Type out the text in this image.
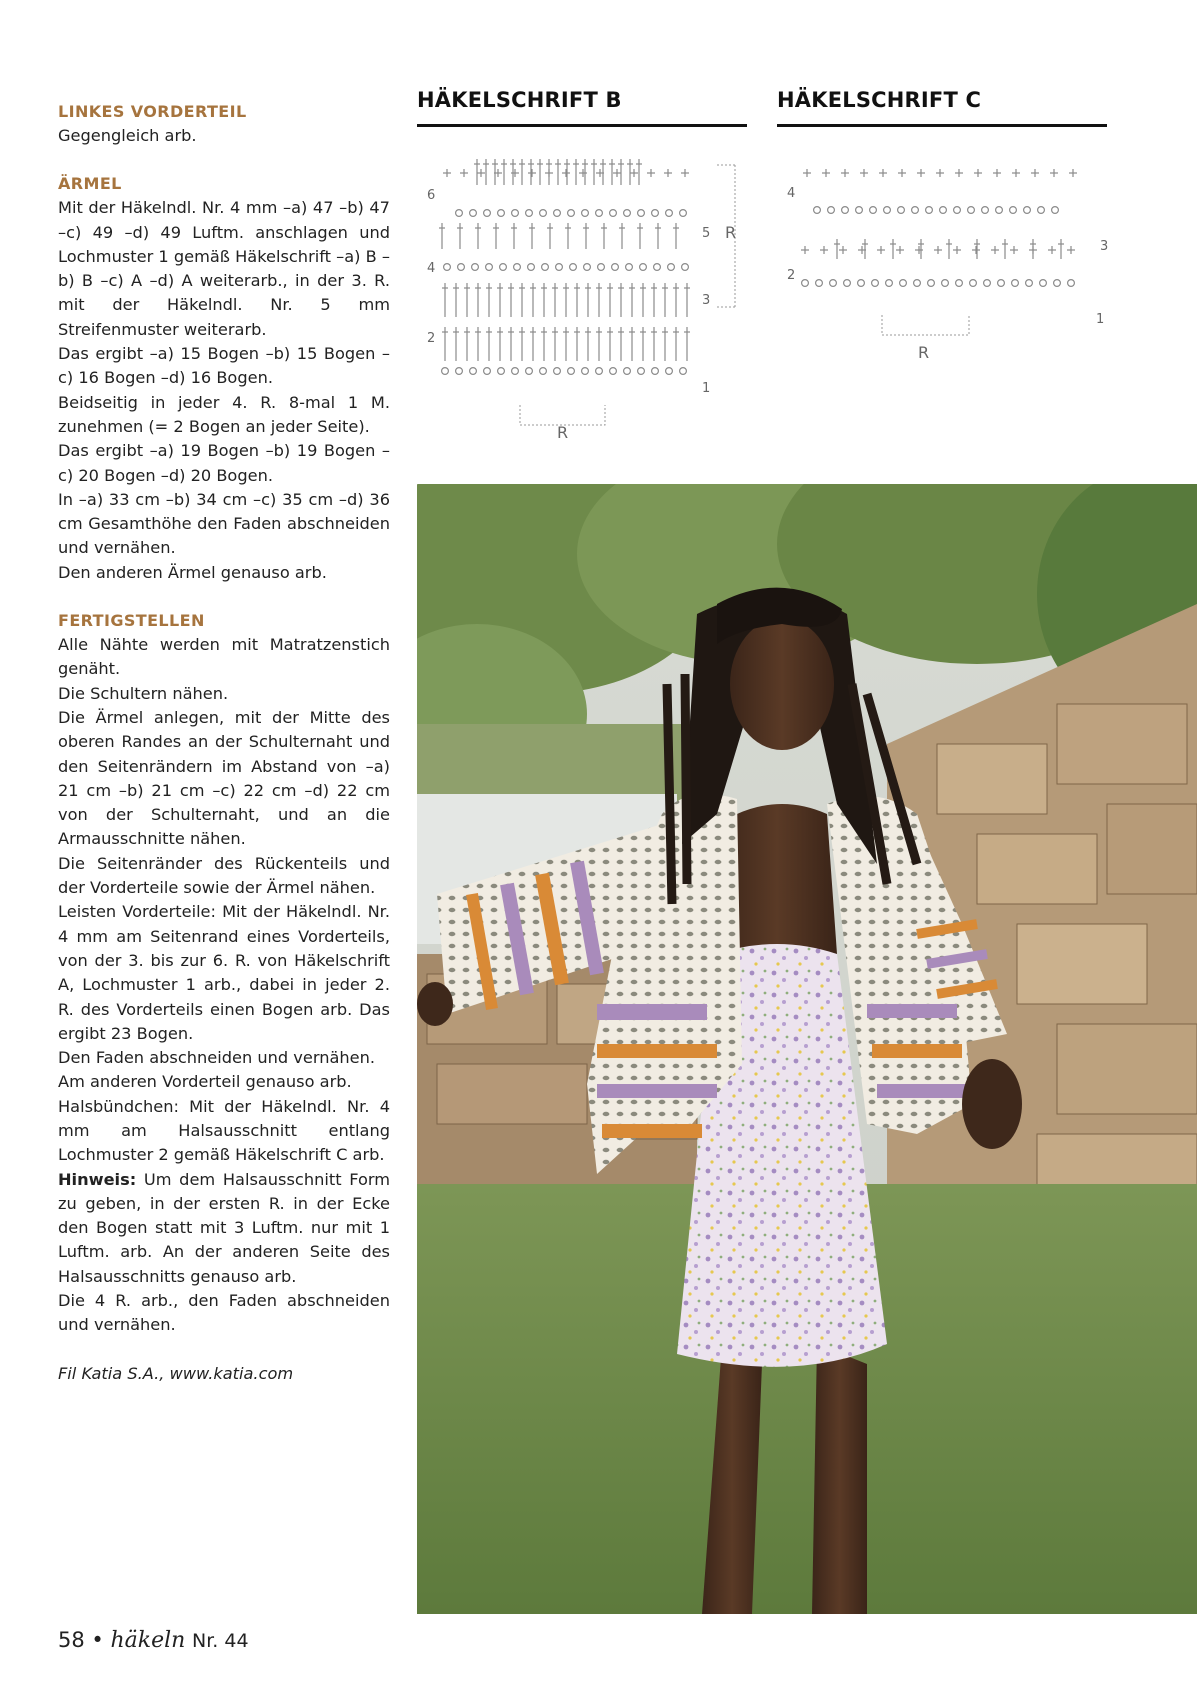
LINKES VORDERTEIL

Gegengleich arb.

ÄRMEL

Mit der Häkelndl. Nr. 4 mm –a) 47 –b) 47 –c) 49 –d) 49 Luftm. anschlagen und Lochmuster 1 gemäß Häkelschrift –a) B –b) B –c) A –d) A weiterarb., in der 3. R. mit der Häkelndl. Nr. 5 mm Streifenmuster weiterarb.

Das ergibt –a) 15 Bogen –b) 15 Bogen –c) 16 Bogen –d) 16 Bogen.

Beidseitig in jeder 4. R. 8-mal 1 M. zunehmen (= 2 Bogen an jeder Seite).

Das ergibt –a) 19 Bogen –b) 19 Bogen –c) 20 Bogen –d) 20 Bogen.

In –a) 33 cm –b) 34 cm –c) 35 cm –d) 36 cm Gesamthöhe den Faden abschneiden und vernähen.

Den anderen Ärmel genauso arb.

FERTIGSTELLEN

Alle Nähte werden mit Matratzenstich genäht.

Die Schultern nähen.

Die Ärmel anlegen, mit der Mitte des oberen Randes an der Schulternaht und den Seitenrändern im Abstand von –a) 21 cm –b) 21 cm –c) 22 cm –d) 22 cm von der Schulternaht, und an die Armausschnitte nähen.

Die Seitenränder des Rückenteils und der Vorderteile sowie der Ärmel nähen.

Leisten Vorderteile: Mit der Häkelndl. Nr. 4 mm am Seitenrand eines Vorderteils, von der 3. bis zur 6. R. von Häkelschrift A, Lochmuster 1 arb., dabei in jeder 2. R. des Vorderteils einen Bogen arb. Das ergibt 23 Bogen.

Den Faden abschneiden und vernähen.

Am anderen Vorderteil genauso arb.

Halsbündchen: Mit der Häkelndl. Nr. 4 mm am Halsausschnitt entlang Lochmuster 2 gemäß Häkelschrift C arb.

Hinweis: Um dem Halsausschnitt Form zu geben, in der ersten R. in der Ecke den Bogen statt mit 3 Luftm. nur mit 1 Luftm. arb. An der anderen Seite des Halsausschnitts genauso arb.

Die 4 R. arb., den Faden abschneiden und vernähen.

Fil Katia S.A., www.katia.com

HÄKELSCHRIFT B	HÄKELSCHRIFT C
6
4
2
5
3
1
R
R
4
2
3
1
R
58 • häkeln Nr. 44
